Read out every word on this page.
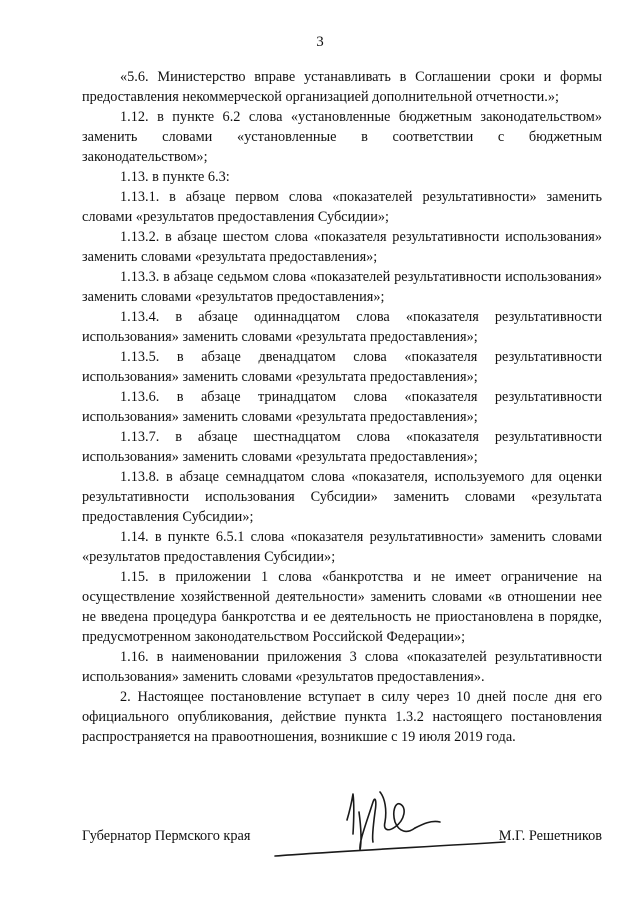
3

«5.6. Министерство вправе устанавливать в Соглашении сроки и формы предоставления некоммерческой организацией дополнительной отчетности.»;

1.12. в пункте 6.2 слова «установленные бюджетным законодательством» заменить словами «установленные в соответствии с бюджетным законодательством»;

1.13. в пункте 6.3:

1.13.1. в абзаце первом слова «показателей результативности» заменить словами «результатов предоставления Субсидии»;

1.13.2. в абзаце шестом слова «показателя результативности использования» заменить словами «результата предоставления»;

1.13.3. в абзаце седьмом слова «показателей результативности использования» заменить словами «результатов предоставления»;

1.13.4. в абзаце одиннадцатом слова «показателя результативности использования» заменить словами «результата предоставления»;

1.13.5. в абзаце двенадцатом слова «показателя результативности использования» заменить словами «результата предоставления»;

1.13.6. в абзаце тринадцатом слова «показателя результативности использования» заменить словами «результата предоставления»;

1.13.7. в абзаце шестнадцатом слова «показателя результативности использования» заменить словами «результата предоставления»;

1.13.8. в абзаце семнадцатом слова «показателя, используемого для оценки результативности использования Субсидии» заменить словами «результата предоставления Субсидии»;

1.14. в пункте 6.5.1 слова «показателя результативности» заменить словами «результатов предоставления Субсидии»;

1.15. в приложении 1 слова «банкротства и не имеет ограничение на осуществление хозяйственной деятельности» заменить словами «в отношении нее не введена процедура банкротства и ее деятельность не приостановлена в порядке, предусмотренном законодательством Российской Федерации»;

1.16. в наименовании приложения 3 слова «показателей результативности использования» заменить словами «результатов предоставления».

2. Настоящее постановление вступает в силу через 10 дней после дня его официального опубликования, действие пункта 1.3.2 настоящего постановления распространяется на правоотношения, возникшие с 19 июля 2019 года.

Губернатор Пермского края	М.Г. Решетников
